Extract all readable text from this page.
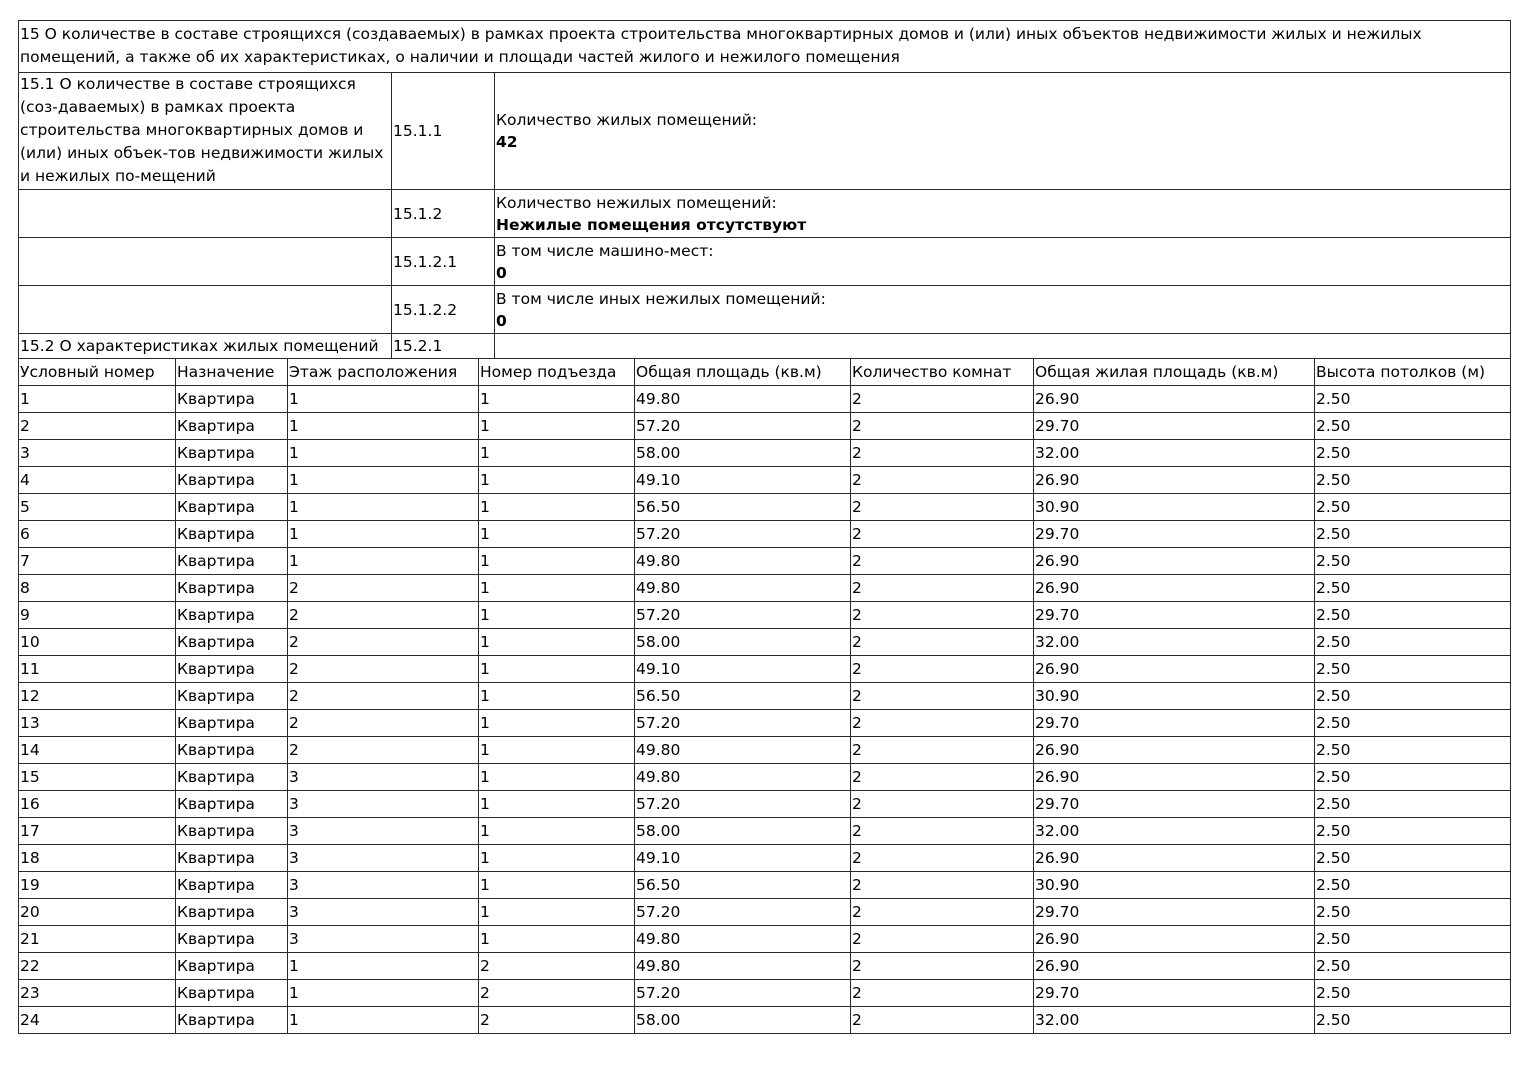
15 О количестве в составе строящихся (создаваемых) в рамках проекта строительства многоквартирных домов и (или) иных объектов недвижимости жилых и нежилых помещений, а также об их характеристиках, о наличии и площади частей жилого и нежилого помещения		
15.1 О количестве в составе строящихся (соз-даваемых) в рамках проекта строительства многоквартирных домов и (или) иных объек-тов недвижимости жилых и нежилых по-мещений	15.1.1	Количество жилых помещений:
42

	15.1.2	Количество нежилых помещений:
Нежилые помещения отсутствуют

	15.1.2.1	В том числе машино-мест:
0

	15.1.2.2	В том числе иных нежилых помещений:
0

15.2 О характеристиках жилых помещений	15.2.1	
Условный номер	Назначение	Этаж расположения	Номер подъезда	Общая площадь (кв.м)	Количество комнат	Общая жилая площадь (кв.м)	Высота потолков (м)
1	Квартира	1	1	49.80	2	26.90	2.50
2	Квартира	1	1	57.20	2	29.70	2.50
3	Квартира	1	1	58.00	2	32.00	2.50
4	Квартира	1	1	49.10	2	26.90	2.50
5	Квартира	1	1	56.50	2	30.90	2.50
6	Квартира	1	1	57.20	2	29.70	2.50
7	Квартира	1	1	49.80	2	26.90	2.50
8	Квартира	2	1	49.80	2	26.90	2.50
9	Квартира	2	1	57.20	2	29.70	2.50
10	Квартира	2	1	58.00	2	32.00	2.50
11	Квартира	2	1	49.10	2	26.90	2.50
12	Квартира	2	1	56.50	2	30.90	2.50
13	Квартира	2	1	57.20	2	29.70	2.50
14	Квартира	2	1	49.80	2	26.90	2.50
15	Квартира	3	1	49.80	2	26.90	2.50
16	Квартира	3	1	57.20	2	29.70	2.50
17	Квартира	3	1	58.00	2	32.00	2.50
18	Квартира	3	1	49.10	2	26.90	2.50
19	Квартира	3	1	56.50	2	30.90	2.50
20	Квартира	3	1	57.20	2	29.70	2.50
21	Квартира	3	1	49.80	2	26.90	2.50
22	Квартира	1	2	49.80	2	26.90	2.50
23	Квартира	1	2	57.20	2	29.70	2.50
24	Квартира	1	2	58.00	2	32.00	2.50
